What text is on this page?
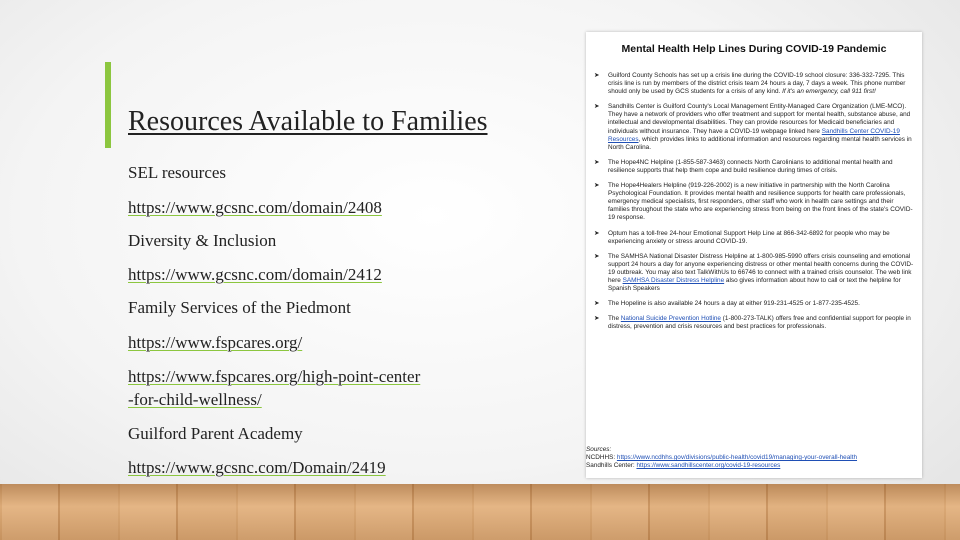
Resources Available to Families
SEL resources
https://www.gcsnc.com/domain/2408
Diversity & Inclusion
https://www.gcsnc.com/domain/2412
Family Services of the Piedmont
https://www.fspcares.org/
https://www.fspcares.org/high-point-center
-for-child-wellness/
Guilford Parent Academy
https://www.gcsnc.com/Domain/2419
Mental Health Help Lines During COVID-19 Pandemic
➤ Guilford County Schools has set up a crisis line during the COVID-19 school closure: 336-332-7295. This crisis line is run by members of the district crisis team 24 hours a day, 7 days a week. This phone number should only be used by GCS students for a crisis of any kind. If it's an emergency, call 911 first!
➤ Sandhills Center is Guilford County's Local Management Entity-Managed Care Organization (LME-MCO). They have a network of providers who offer treatment and support for mental health, substance abuse, and intellectual and developmental disabilities. They can provide resources for Medicaid beneficiaries and individuals without insurance. They have a COVID-19 webpage linked here Sandhills Center COVID-19 Resources, which provides links to additional information and resources regarding mental health services in North Carolina.
➤ The Hope4NC Helpline (1-855-587-3463) connects North Carolinians to additional mental health and resilience supports that help them cope and build resilience during times of crisis.
➤ The Hope4Healers Helpline (919-226-2002) is a new initiative in partnership with the North Carolina Psychological Foundation. It provides mental health and resilience supports for health care professionals, emergency medical specialists, first responders, other staff who work in health care settings and their families throughout the state who are experiencing stress from being on the front lines of the state's COVID-19 response.
➤ Optum has a toll-free 24-hour Emotional Support Help Line at 866-342-6892 for people who may be experiencing anxiety or stress around COVID-19.
➤ The SAMHSA National Disaster Distress Helpline at 1-800-985-5990 offers crisis counseling and emotional support 24 hours a day for anyone experiencing distress or other mental health concerns during the COVID-19 outbreak. You may also text TalkWithUs to 66746 to connect with a trained crisis counselor. The web link here SAMHSA Disaster Distress Helpline also gives information about how to call or text the helpline for Spanish Speakers
➤ The Hopeline is also available 24 hours a day at either 919-231-4525 or 1-877-235-4525.
➤ The National Suicide Prevention Hotline (1-800-273-TALK) offers free and confidential support for people in distress, prevention and crisis resources and best practices for professionals.
Sources:
NCDHHS: https://www.ncdhhs.gov/divisions/public-health/covid19/managing-your-overall-health
Sandhills Center: https://www.sandhillscenter.org/covid-19-resources
